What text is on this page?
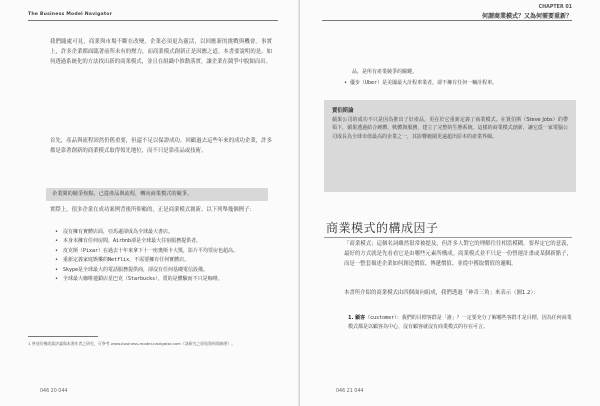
The Business Model Navigator
我們隨處可見，商業與市場不斷在改變，企業必須更為靈活，以回應新的挑戰與機會。事實上，許多企業都面臨著前所未有的壓力，而商業模式創新正是因應之道。本書要說明的是，如何透過系統化的方法找出新的商業模式，並且在組織中推動落實，讓企業在競爭中脫穎而出。
首先，產品與流程固然仍舊重要，但還不足以保證成功。回顧過去這些年來的成功企業，許多都是靠著創新的商業模式取得領先地位，而不只是靠產品或技術。
企業間的競爭焦點，已從產品與流程，轉向商業模式的競爭。
實際上，很多企業在成功案例背後所仰賴的，正是商業模式創新。以下列舉幾個例子：
• 沒有擁有實體店面，亞馬遜卻成為全球最大書店。
• 本身未擁有任何房間，Airbnb卻是全球最大住宿服務提供者。
• 皮克斯（Pixar）在過去十年來拿下十一座奧斯卡大獎，影片平均票房也超高。
• 重新定義家庭娛樂的Netflix，不需要擁有任何實體店。
• Skype是全球最大的電話服務提供商，卻沒有任何基礎電信設備。
• 全球最大咖啡連鎖店星巴克（Starbucks），賣的是體驗而不只是咖啡。
1 參見哈佛商業評論與本書作者之研究，可參考 www.business-model-navigator.com（該研究之原始資料與摘要）。
046 20 044
CHAPTER 01
何謂商業模式？又為何需要重新？
品，是所有產業競爭的關鍵。
• 優步（Uber）是美國最大計程車業者，卻不擁有任何一輛計程車。
賈伯斯論
蘋果公司的成功不只是因為推出了好產品，更在於它重新定義了商業模式。在賈伯斯（Steve Jobs）的帶領下，蘋果透過結合硬體、軟體與服務，建立了完整的生態系統。這樣的商業模式創新，讓它從一家電腦公司成長為全球市值最高的企業之一，其影響範圍更遠超出原本的產業界線。
商業模式的構成因子
「商業模式」這個名詞雖然很常被提及，但許多人對它的理解往往相當模糊。要界定它的意義，最好的方式就是先看看它是由哪些元素所構成。商業模式並不只是一份營運計畫或某個新點子，而是一整套描述企業如何創造價值、傳遞價值、並從中獲取價值的邏輯。
本書所介紹的商業模式由四個面向組成，我們透過「神奇三角」來表示（圖1.2）：
1. 顧客（customer）：我們的目標客群是「誰」？一定要充分了解哪些客群才是目標，因為任何商業模式都是以顧客為中心，沒有顧客就沒有商業模式的存在可言。
046 21 044
